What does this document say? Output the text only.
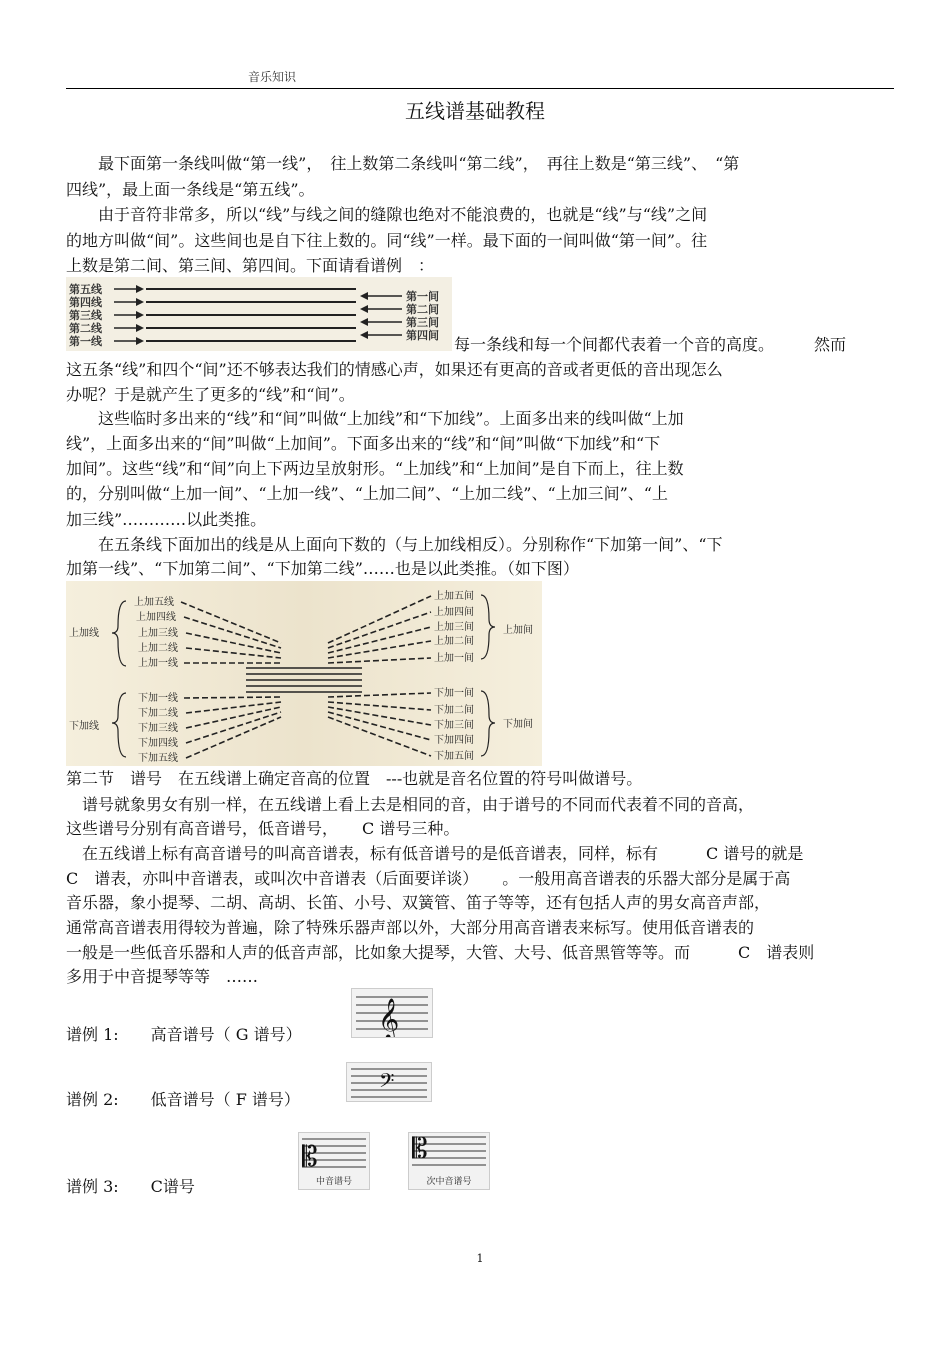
音乐知识
五线谱基础教程
　　最下面第一条线叫做“第一线”，　往上数第二条线叫“第二线”，　再往上数是“第三线”、　“第
四线”，最上面一条线是“第五线”。
　　由于音符非常多，所以“线”与线之间的缝隙也绝对不能浪费的，也就是“线”与“线”之间
的地方叫做“间”。这些间也是自下往上数的。同“线”一样。最下面的一间叫做“第一间”。往
上数是第二间、第三间、第四间。下面请看谱例　：
第五线
第四线
第三线
第二线
第一线
第一间
第二间
第三间
第四间 每一条线和每一个间都代表着一个音的高度。　　　然而
这五条“线”和四个“间”还不够表达我们的情感心声，如果还有更高的音或者更低的音出现怎么
办呢？于是就产生了更多的“线”和“间”。
　　这些临时多出来的“线”和“间”叫做“上加线”和“下加线”。上面多出来的线叫做“上加
线”，上面多出来的“间”叫做“上加间”。下面多出来的“线”和“间”叫做“下加线”和“下
加间”。这些“线”和“间”向上下两边呈放射形。“上加线”和“上加间”是自下而上，往上数
的，分别叫做“上加一间”、“上加一线”、“上加二间”、“上加二线”、“上加三间”、“上
加三线”…………以此类推。
　　在五条线下面加出的线是从上面向下数的（与上加线相反）。分别称作“下加第一间”、“下
加第一线”、“下加第二间”、“下加第二线”……也是以此类推。（如下图）
上加线
下加线
上加间
下加间
上加五线
上加四线
上加三线
上加二线
上加一线
上加五间
上加四间
上加三间
上加二间
上加一间
下加一线
下加二线
下加三线
下加四线
下加五线
下加一间
下加二间
下加三间
下加四间
下加五间
第二节　谱号　在五线谱上确定音高的位置　---也就是音名位置的符号叫做谱号。
　谱号就象男女有别一样，在五线谱上看上去是相同的音，由于谱号的不同而代表着不同的音高，
这些谱号分别有高音谱号，低音谱号，　　C 谱号三种。
　在五线谱上标有高音谱号的叫高音谱表，标有低音谱号的是低音谱表，同样，标有　　　C 谱号的就是
C　谱表，亦叫中音谱表，或叫次中音谱表（后面要详谈）　　。一般用高音谱表的乐器大部分是属于高
音乐器，象小提琴、二胡、高胡、长笛、小号、双簧管、笛子等等，还有包括人声的男女高音声部，
通常高音谱表用得较为普遍，除了特殊乐器声部以外，大部分用高音谱表来标写。使用低音谱表的
一般是一些低音乐器和人声的低音声部，比如象大提琴，大管、大号、低音黑管等等。而　　　C　谱表则
多用于中音提琴等等　……
谱例 1:　　高音谱号（ G 谱号） 𝄞
谱例 2:　　低音谱号（ F 谱号）
𝄢
谱例 3:　　C谱号
𝄡
中音谱号
𝄡
次中音谱号
1
